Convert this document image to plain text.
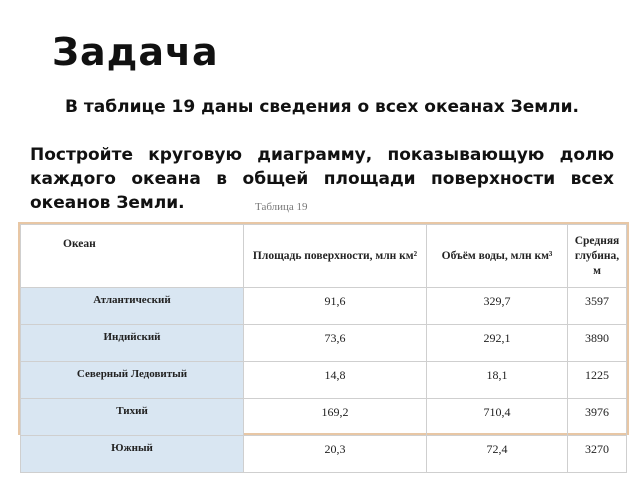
Задача
В таблице 19 даны сведения о всех океанах Земли.
Постройте круговую диаграмму, показывающую долю каждого океана в общей площади поверхности всех океанов Земли.	Таблица 19
Океан	Площадь поверхности, млн км²	Объём воды, млн км³	Средняя глубина, м
Атлантический	91,6	329,7	3597
Индийский	73,6	292,1	3890
Северный Ледовитый	14,8	18,1	1225
Тихий	169,2	710,4	3976
Южный	20,3	72,4	3270
